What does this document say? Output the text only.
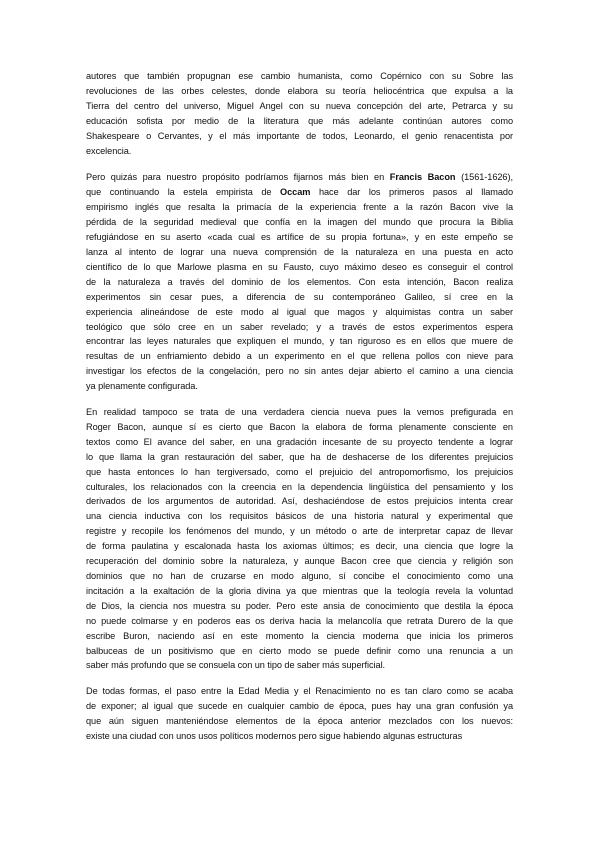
autores que también propugnan ese cambio humanista, como Copérnico con su Sobre las
revoluciones de las orbes celestes, donde elabora su teoría heliocéntrica que expulsa a la
Tierra del centro del universo, Miguel Angel con su nueva concepción del arte, Petrarca y su
educación sofista por medio de la literatura que más adelante continúan autores como
Shakespeare o Cervantes, y el más importante de todos, Leonardo, el genio renacentista por
excelencia.

Pero quizás para nuestro propósito podríamos fijarnos más bien en Francis Bacon (1561-1626),
que continuando la estela empirista de Occam hace dar los primeros pasos al llamado
empirismo inglés que resalta la primacía de la experiencia frente a la razón Bacon vive la
pérdida de la seguridad medieval que confía en la imagen del mundo que procura la Biblia
refugiándose en su aserto «cada cual es artífice de su propia fortuna», y en este empeño se
lanza al intento de lograr una nueva comprensión de la naturaleza en una puesta en acto
científico de lo que Marlowe plasma en su Fausto, cuyo máximo deseo es conseguir el control
de la naturaleza a través del dominio de los elementos. Con esta intención, Bacon realiza
experimentos sin cesar pues, a diferencia de su contemporáneo Galileo, sí cree en la
experiencia alineándose de este modo al igual que magos y alquimistas contra un saber
teológico que sólo cree en un saber revelado; y a través de estos experimentos espera
encontrar las leyes naturales que expliquen el mundo, y tan riguroso es en ellos que muere de
resultas de un enfriamiento debido a un experimento en el que rellena pollos con nieve para
investigar los efectos de la congelación, pero no sin antes dejar abierto el camino a una ciencia
ya plenamente configurada.

En realidad tampoco se trata de una verdadera ciencia nueva pues la vemos prefigurada en
Roger Bacon, aunque sí es cierto que Bacon la elabora de forma plenamente consciente en
textos como El avance del saber, en una gradación incesante de su proyecto tendente a lograr
lo que llama la gran restauración del saber, que ha de deshacerse de los diferentes prejuicios
que hasta entonces lo han tergiversado, como el prejuicio del antropomorfismo, los prejuicios
culturales, los relacionados con la creencia en la dependencia lingüística del pensamiento y los
derivados de los argumentos de autoridad. Así, deshaciéndose de estos prejuicios intenta crear
una ciencia inductiva con los requisitos básicos de una historia natural y experimental que
registre y recopile los fenómenos del mundo, y un método o arte de interpretar capaz de llevar
de forma paulatina y escalonada hasta los axiomas últimos; es decir, una ciencia que logre la
recuperación del dominio sobre la naturaleza, y aunque Bacon cree que ciencia y religión son
dominios que no han de cruzarse en modo alguno, sí concibe el conocimiento como una
incitación a la exaltación de la gloria divina ya que mientras que la teología revela la voluntad
de Dios, la ciencia nos muestra su poder. Pero este ansia de conocimiento que destila la época
no puede colmarse y en poderos eas os deriva hacia la melancolía que retrata Durero de la que
escribe Buron, naciendo así en este momento la ciencia moderna que inicia los primeros
balbuceas de un positivismo que en cierto modo se puede definir como una renuncia a un
saber más profundo que se consuela con un tipo de saber más superficial.

De todas formas, el paso entre la Edad Media y el Renacimiento no es tan claro como se acaba
de exponer; al igual que sucede en cualquier cambio de época, pues hay una gran confusión ya
que aún siguen manteniéndose elementos de la época anterior mezclados con los nuevos:
existe una ciudad con unos usos políticos modernos pero sigue habiendo algunas estructuras
